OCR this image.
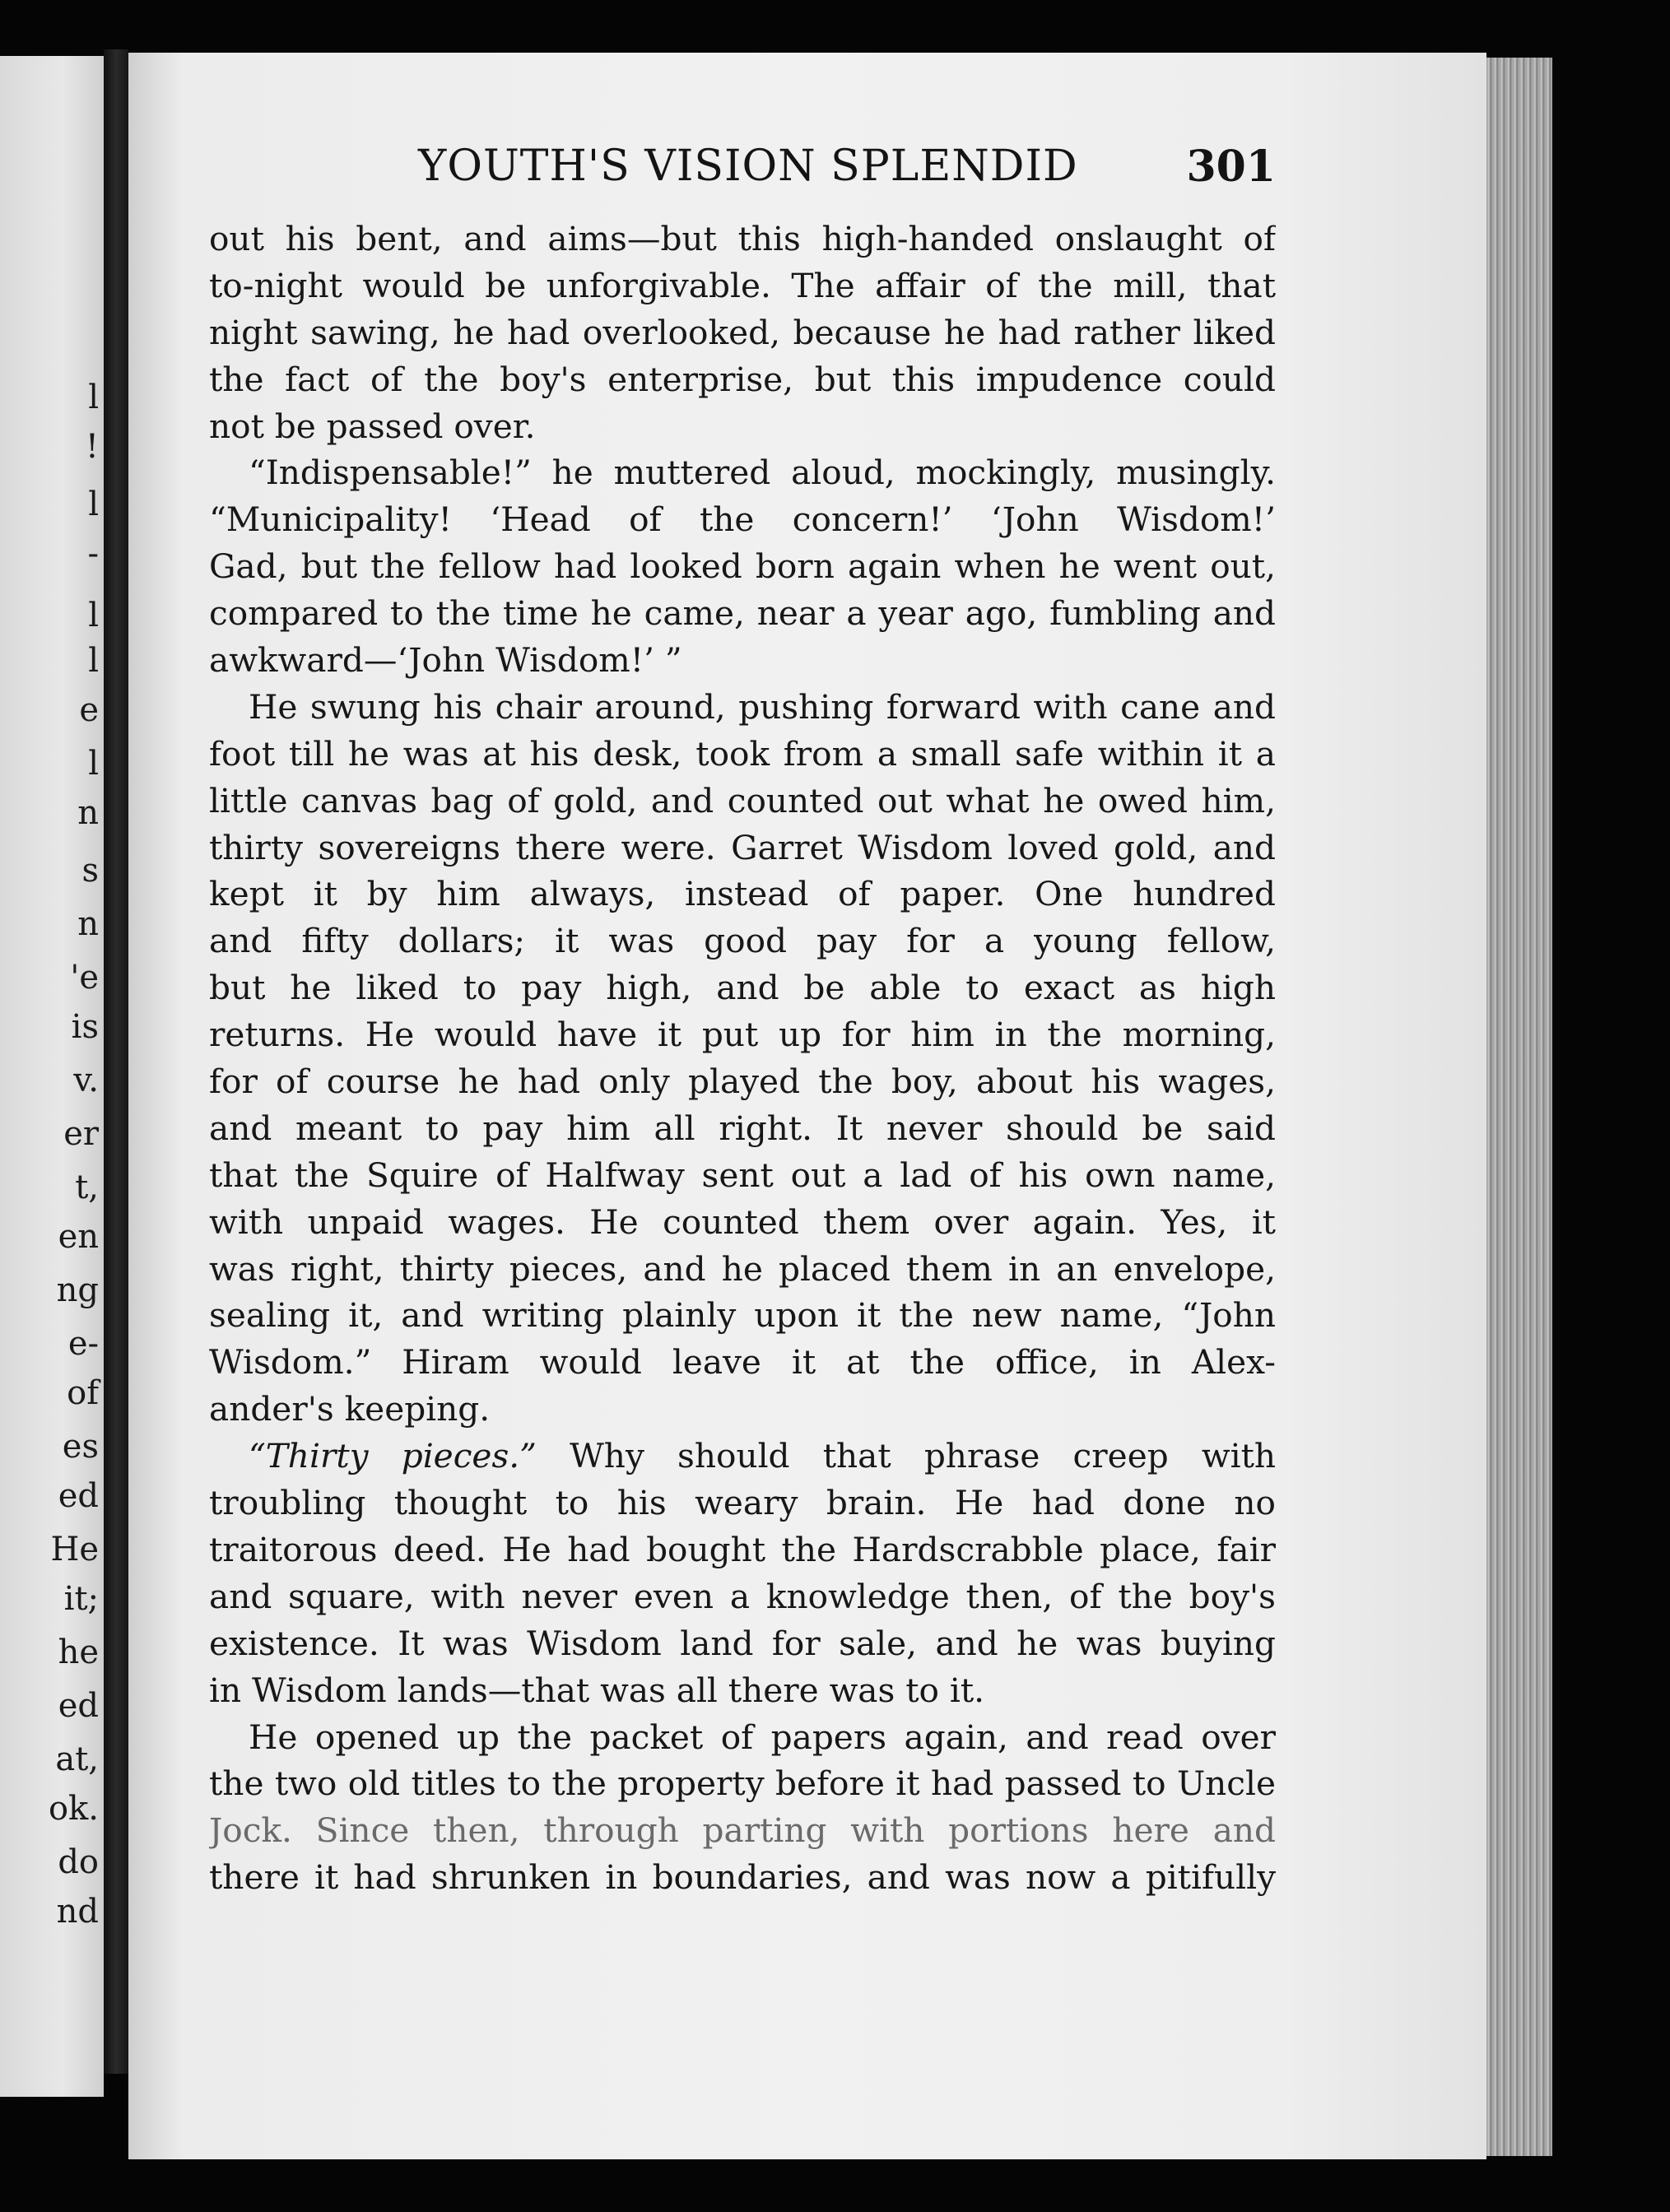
l
!
l
-
l
l
e
l
n
s
n
'e
is
v.
er
t,
en
ng
e-
of
es
ed
He
it;
he
ed
at,
ok.
do
nd
YOUTH'S VISION SPLENDID	301
out his bent, and aims—but this high-handed onslaught of
to-night would be unforgivable. The affair of the mill, that
night sawing, he had overlooked, because he had rather liked
the fact of the boy's enterprise, but this impudence could
not be passed over.
“Indispensable!” he muttered aloud, mockingly, musingly.
“Municipality! ‘Head of the concern!’ ‘John Wisdom!’
Gad, but the fellow had looked born again when he went out,
compared to the time he came, near a year ago, fumbling and
awkward—‘John Wisdom!’ ”
He swung his chair around, pushing forward with cane and
foot till he was at his desk, took from a small safe within it a
little canvas bag of gold, and counted out what he owed him,
thirty sovereigns there were. Garret Wisdom loved gold, and
kept it by him always, instead of paper. One hundred
and fifty dollars; it was good pay for a young fellow,
but he liked to pay high, and be able to exact as high
returns. He would have it put up for him in the morning,
for of course he had only played the boy, about his wages,
and meant to pay him all right. It never should be said
that the Squire of Halfway sent out a lad of his own name,
with unpaid wages. He counted them over again. Yes, it
was right, thirty pieces, and he placed them in an envelope,
sealing it, and writing plainly upon it the new name, “John
Wisdom.” Hiram would leave it at the office, in Alex-
ander's keeping.
“Thirty pieces.” Why should that phrase creep with
troubling thought to his weary brain. He had done no
traitorous deed. He had bought the Hardscrabble place, fair
and square, with never even a knowledge then, of the boy's
existence. It was Wisdom land for sale, and he was buying
in Wisdom lands—that was all there was to it.
He opened up the packet of papers again, and read over
the two old titles to the property before it had passed to Uncle
Jock. Since then, through parting with portions here and
there it had shrunken in boundaries, and was now a pitifully
